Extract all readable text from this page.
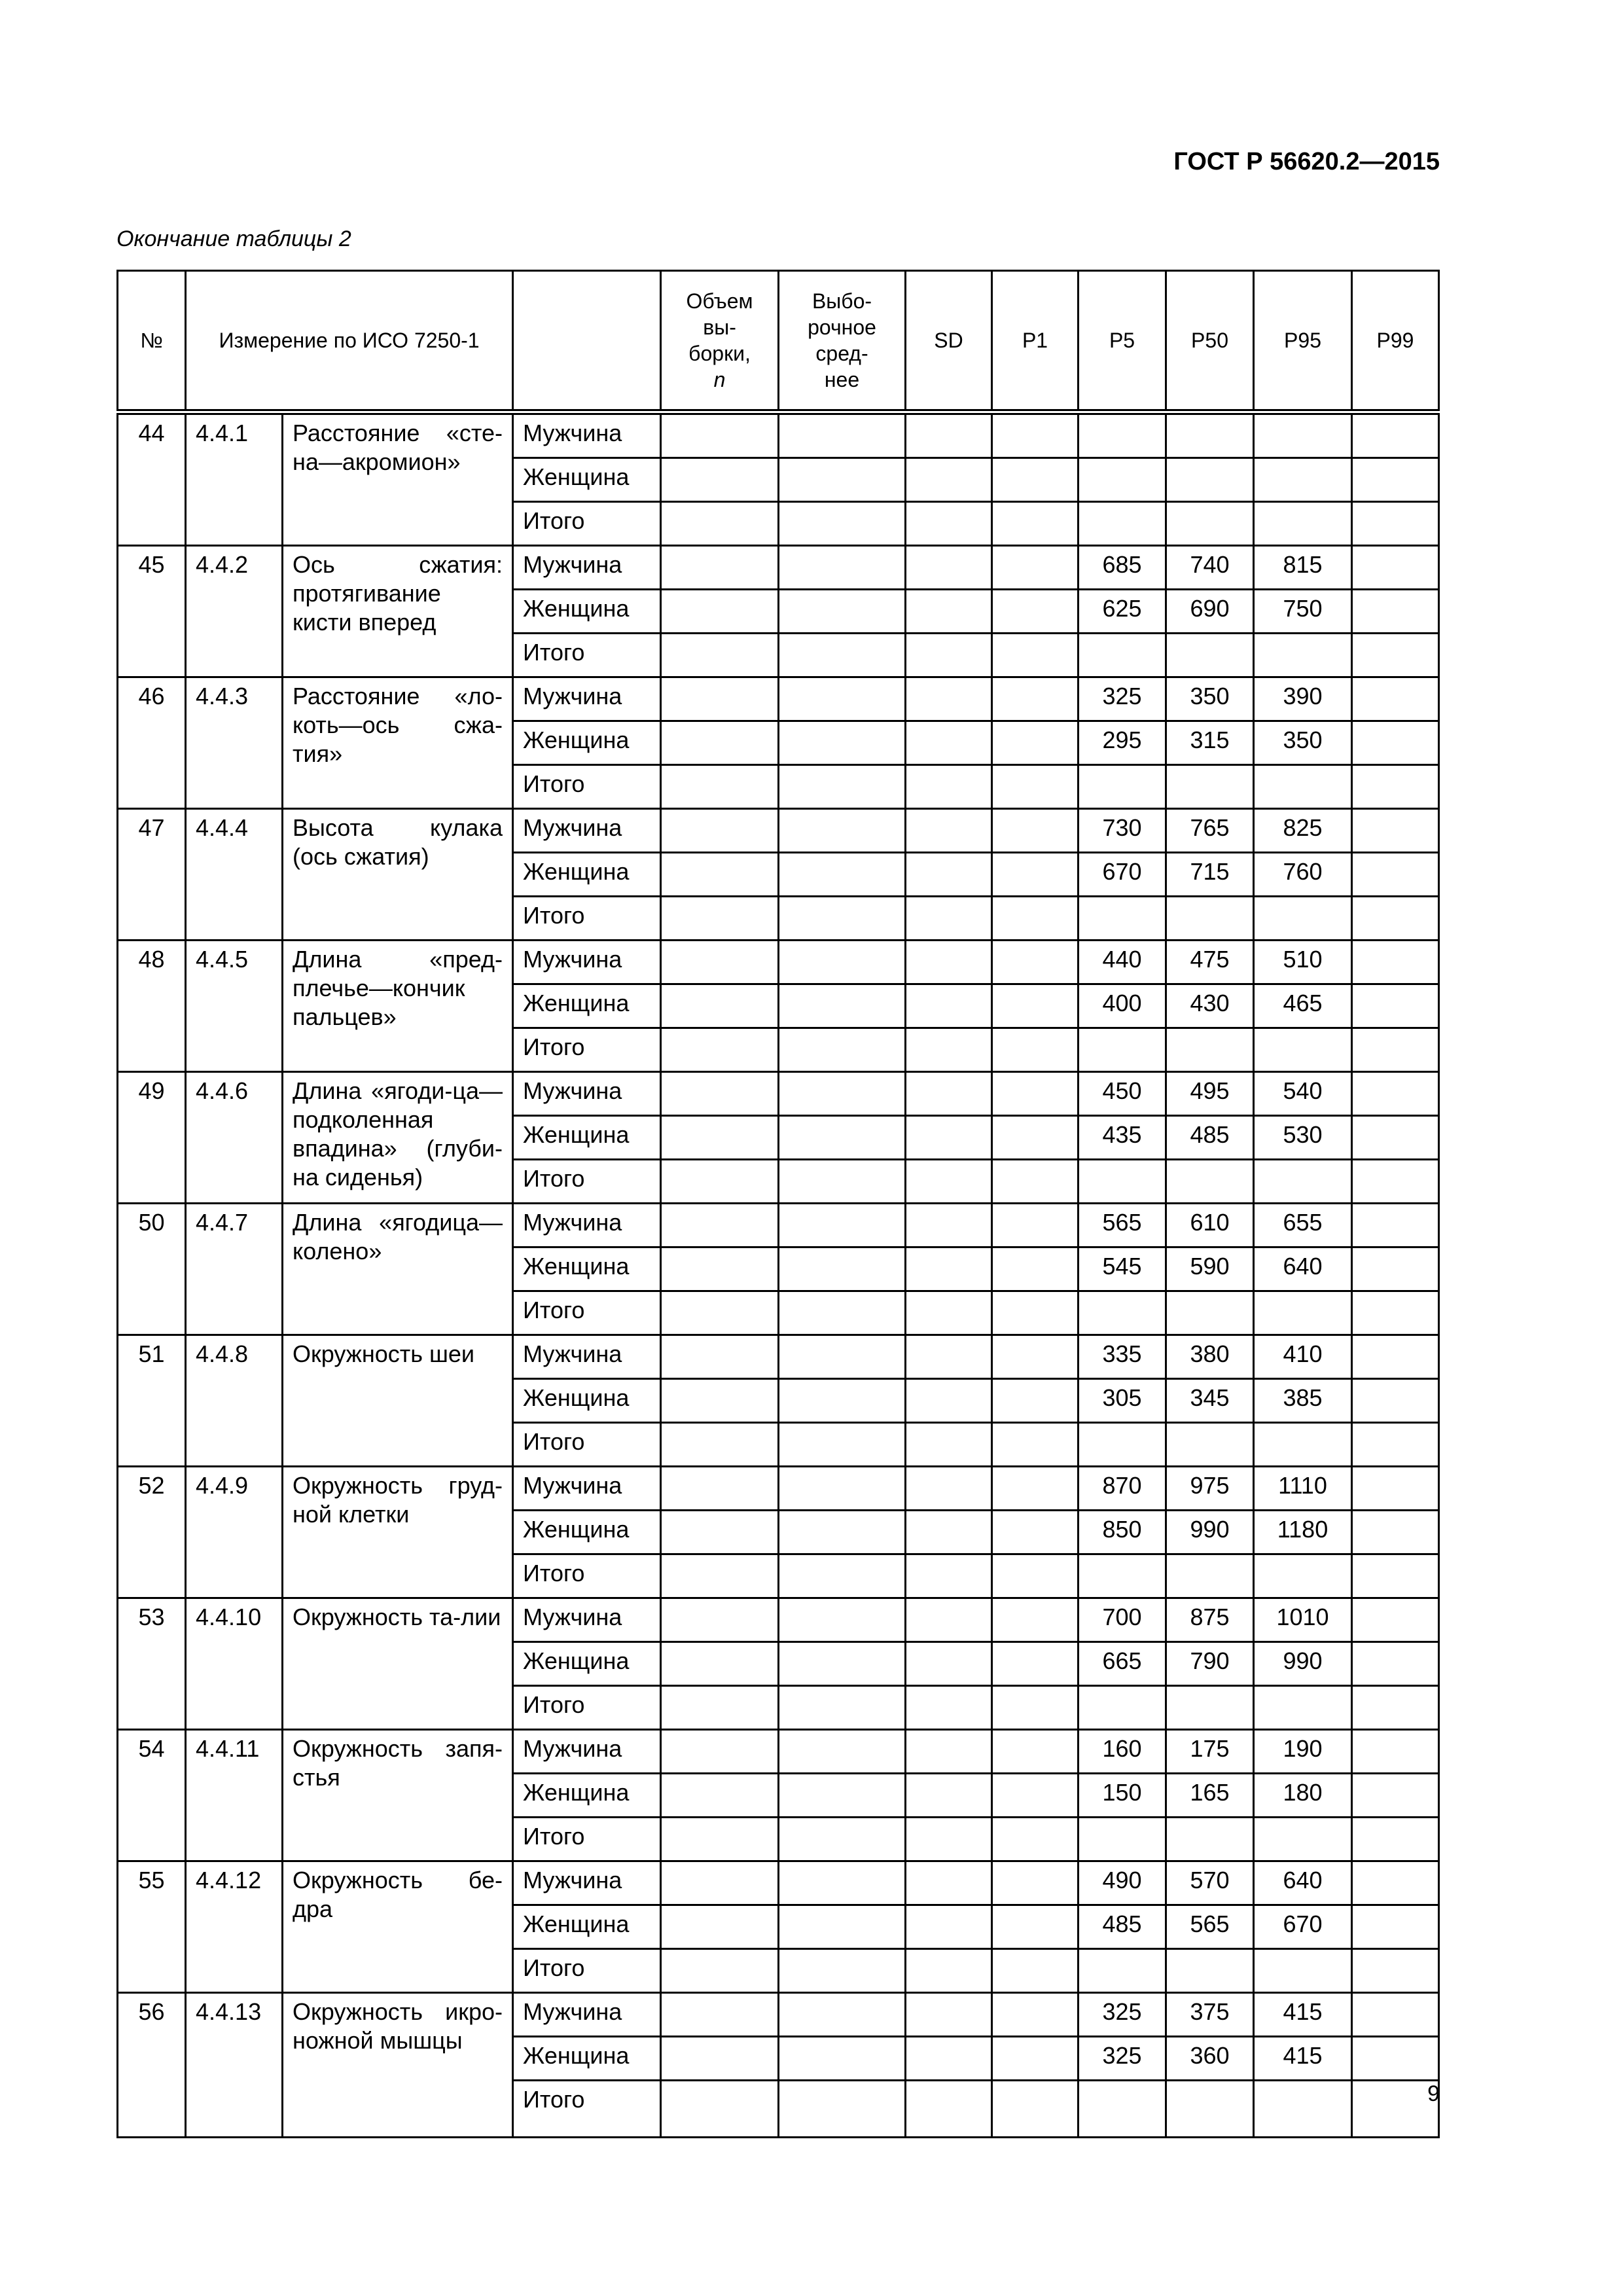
ГОСТ Р 56620.2—2015
Окончание таблицы 2
№	Измерение по ИСО 7250-1			Объем
вы-
борки,
n	Выбо-
рочное
сред-
нее	SD	P1	P5	P50	P95	P99
44	4.4.1	Расстояние «сте-на—акромион»	Мужчина								
			Женщина								
			Итого								
45	4.4.2	Ось сжатия: протягивание кисти вперед	Мужчина					685	740	815	
			Женщина					625	690	750	
			Итого								
46	4.4.3	Расстояние «ло-коть—ось сжа-тия»	Мужчина					325	350	390	
			Женщина					295	315	350	
			Итого								
47	4.4.4	Высота кулака (ось сжатия)	Мужчина					730	765	825	
			Женщина					670	715	760	
			Итого								
48	4.4.5	Длина «пред-плечье—кончик пальцев»	Мужчина					440	475	510	
			Женщина					400	430	465	
			Итого								
49	4.4.6	Длина «ягоди-ца—подколенная впадина» (глуби-на сиденья)	Мужчина					450	495	540	
			Женщина					435	485	530	
			Итого								
50	4.4.7	Длина «ягодица—колено»	Мужчина					565	610	655	
			Женщина					545	590	640	
			Итого								
51	4.4.8	Окружность шеи	Мужчина					335	380	410	
			Женщина					305	345	385	
			Итого								
52	4.4.9	Окружность груд-ной клетки	Мужчина					870	975	1110	
			Женщина					850	990	1180	
			Итого								
53	4.4.10	Окружность та-лии	Мужчина					700	875	1010	
			Женщина					665	790	990	
			Итого								
54	4.4.11	Окружность запя-стья	Мужчина					160	175	190	
			Женщина					150	165	180	
			Итого								
55	4.4.12	Окружность бе-дра	Мужчина					490	570	640	
			Женщина					485	565	670	
			Итого								
56	4.4.13	Окружность икро-ножной мышцы	Мужчина					325	375	415	
			Женщина					325	360	415	
			Итого									9
